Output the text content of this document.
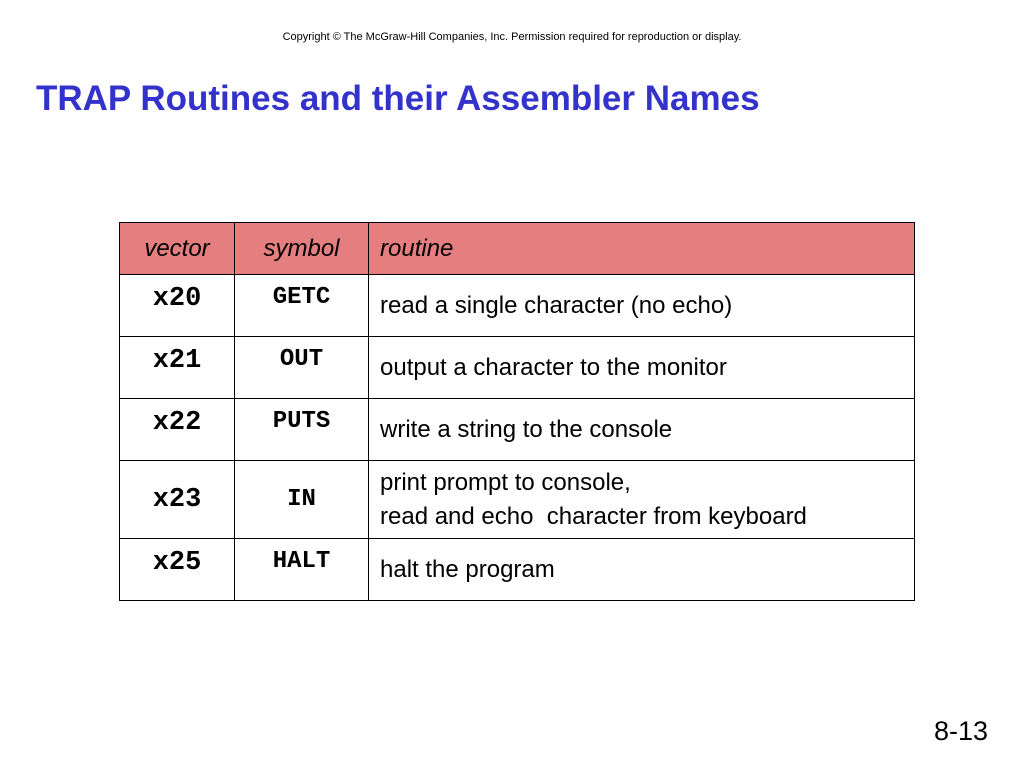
Copyright © The McGraw-Hill Companies, Inc. Permission required for reproduction or display.
TRAP Routines and their Assembler Names
vector	symbol	routine
x20	GETC	read a single character (no echo)

x21	OUT	output a character to the monitor

x22	PUTS	write a string to the console

x23	IN	print prompt to console,
read and echo  character from keyboard

x25	HALT	halt the program
8-13
